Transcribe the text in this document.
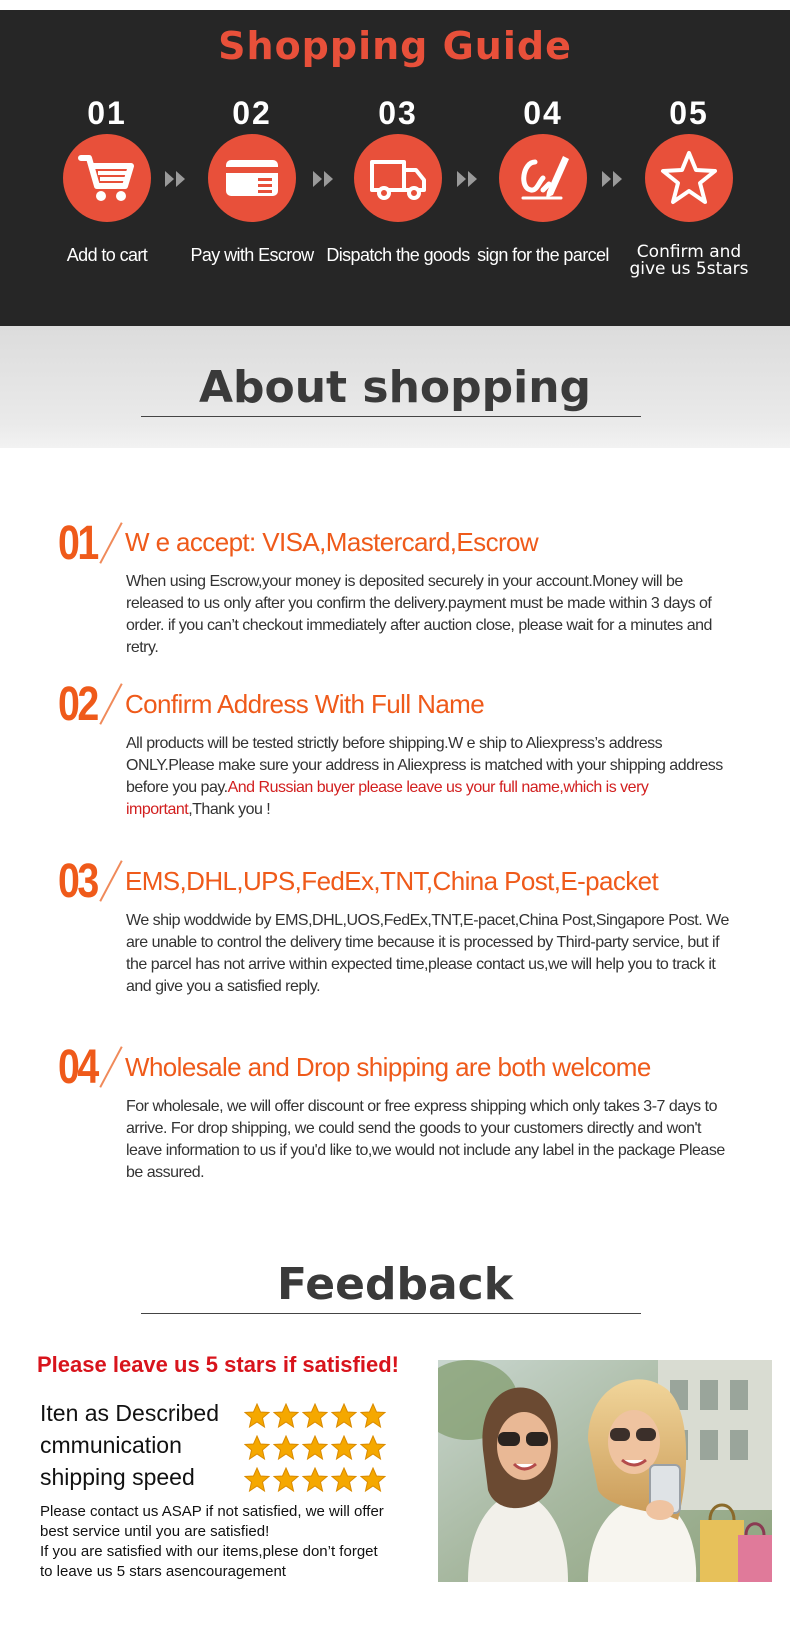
Shopping Guide
01
Add to cart
02
Pay with Escrow
03
Dispatch the goods
04
sign for the parcel
05
Confirm and
give us 5stars
About shopping
01 W e accept: VISA,Mastercard,Escrow

When using Escrow,your money is deposited securely in your account.Money will be released to us only after you confirm the delivery.payment must be made within 3 days of order. if you can’t checkout immediately after auction close, please wait for a minutes and retry.

02 Confirm Address With Full Name

All products will be tested strictly before shipping.W e ship to Aliexpress’s address ONLY.Please make sure your address in Aliexpress is matched with your shipping address before you pay.And Russian buyer please leave us your full name,which is very important,Thank you !

03 EMS,DHL,UPS,FedEx,TNT,China Post,E-packet

We ship woddwide by EMS,DHL,UOS,FedEx,TNT,E-pacet,China Post,Singapore Post. We are unable to control the delivery time because it is processed by Third-party service, but if the parcel has not arrive within expected time,please contact us,we will help you to track it and give you a satisfied reply.

04 Wholesale and Drop shipping are both welcome

For wholesale, we will offer discount or free express shipping which only takes 3-7 days to arrive. For drop shipping, we could send the goods to your customers directly and won't leave information to us if you'd like to,we would not include any label in the package Please be assured.

Feedback
Please leave us 5 stars if satisfied!
Iten as Described
cmmunication
shipping speed
Please contact us ASAP if not satisfied, we will offer
best service until you are satisfied!
If you are satisfied with our items,plese don’t forget
to leave us 5 stars asencouragement
